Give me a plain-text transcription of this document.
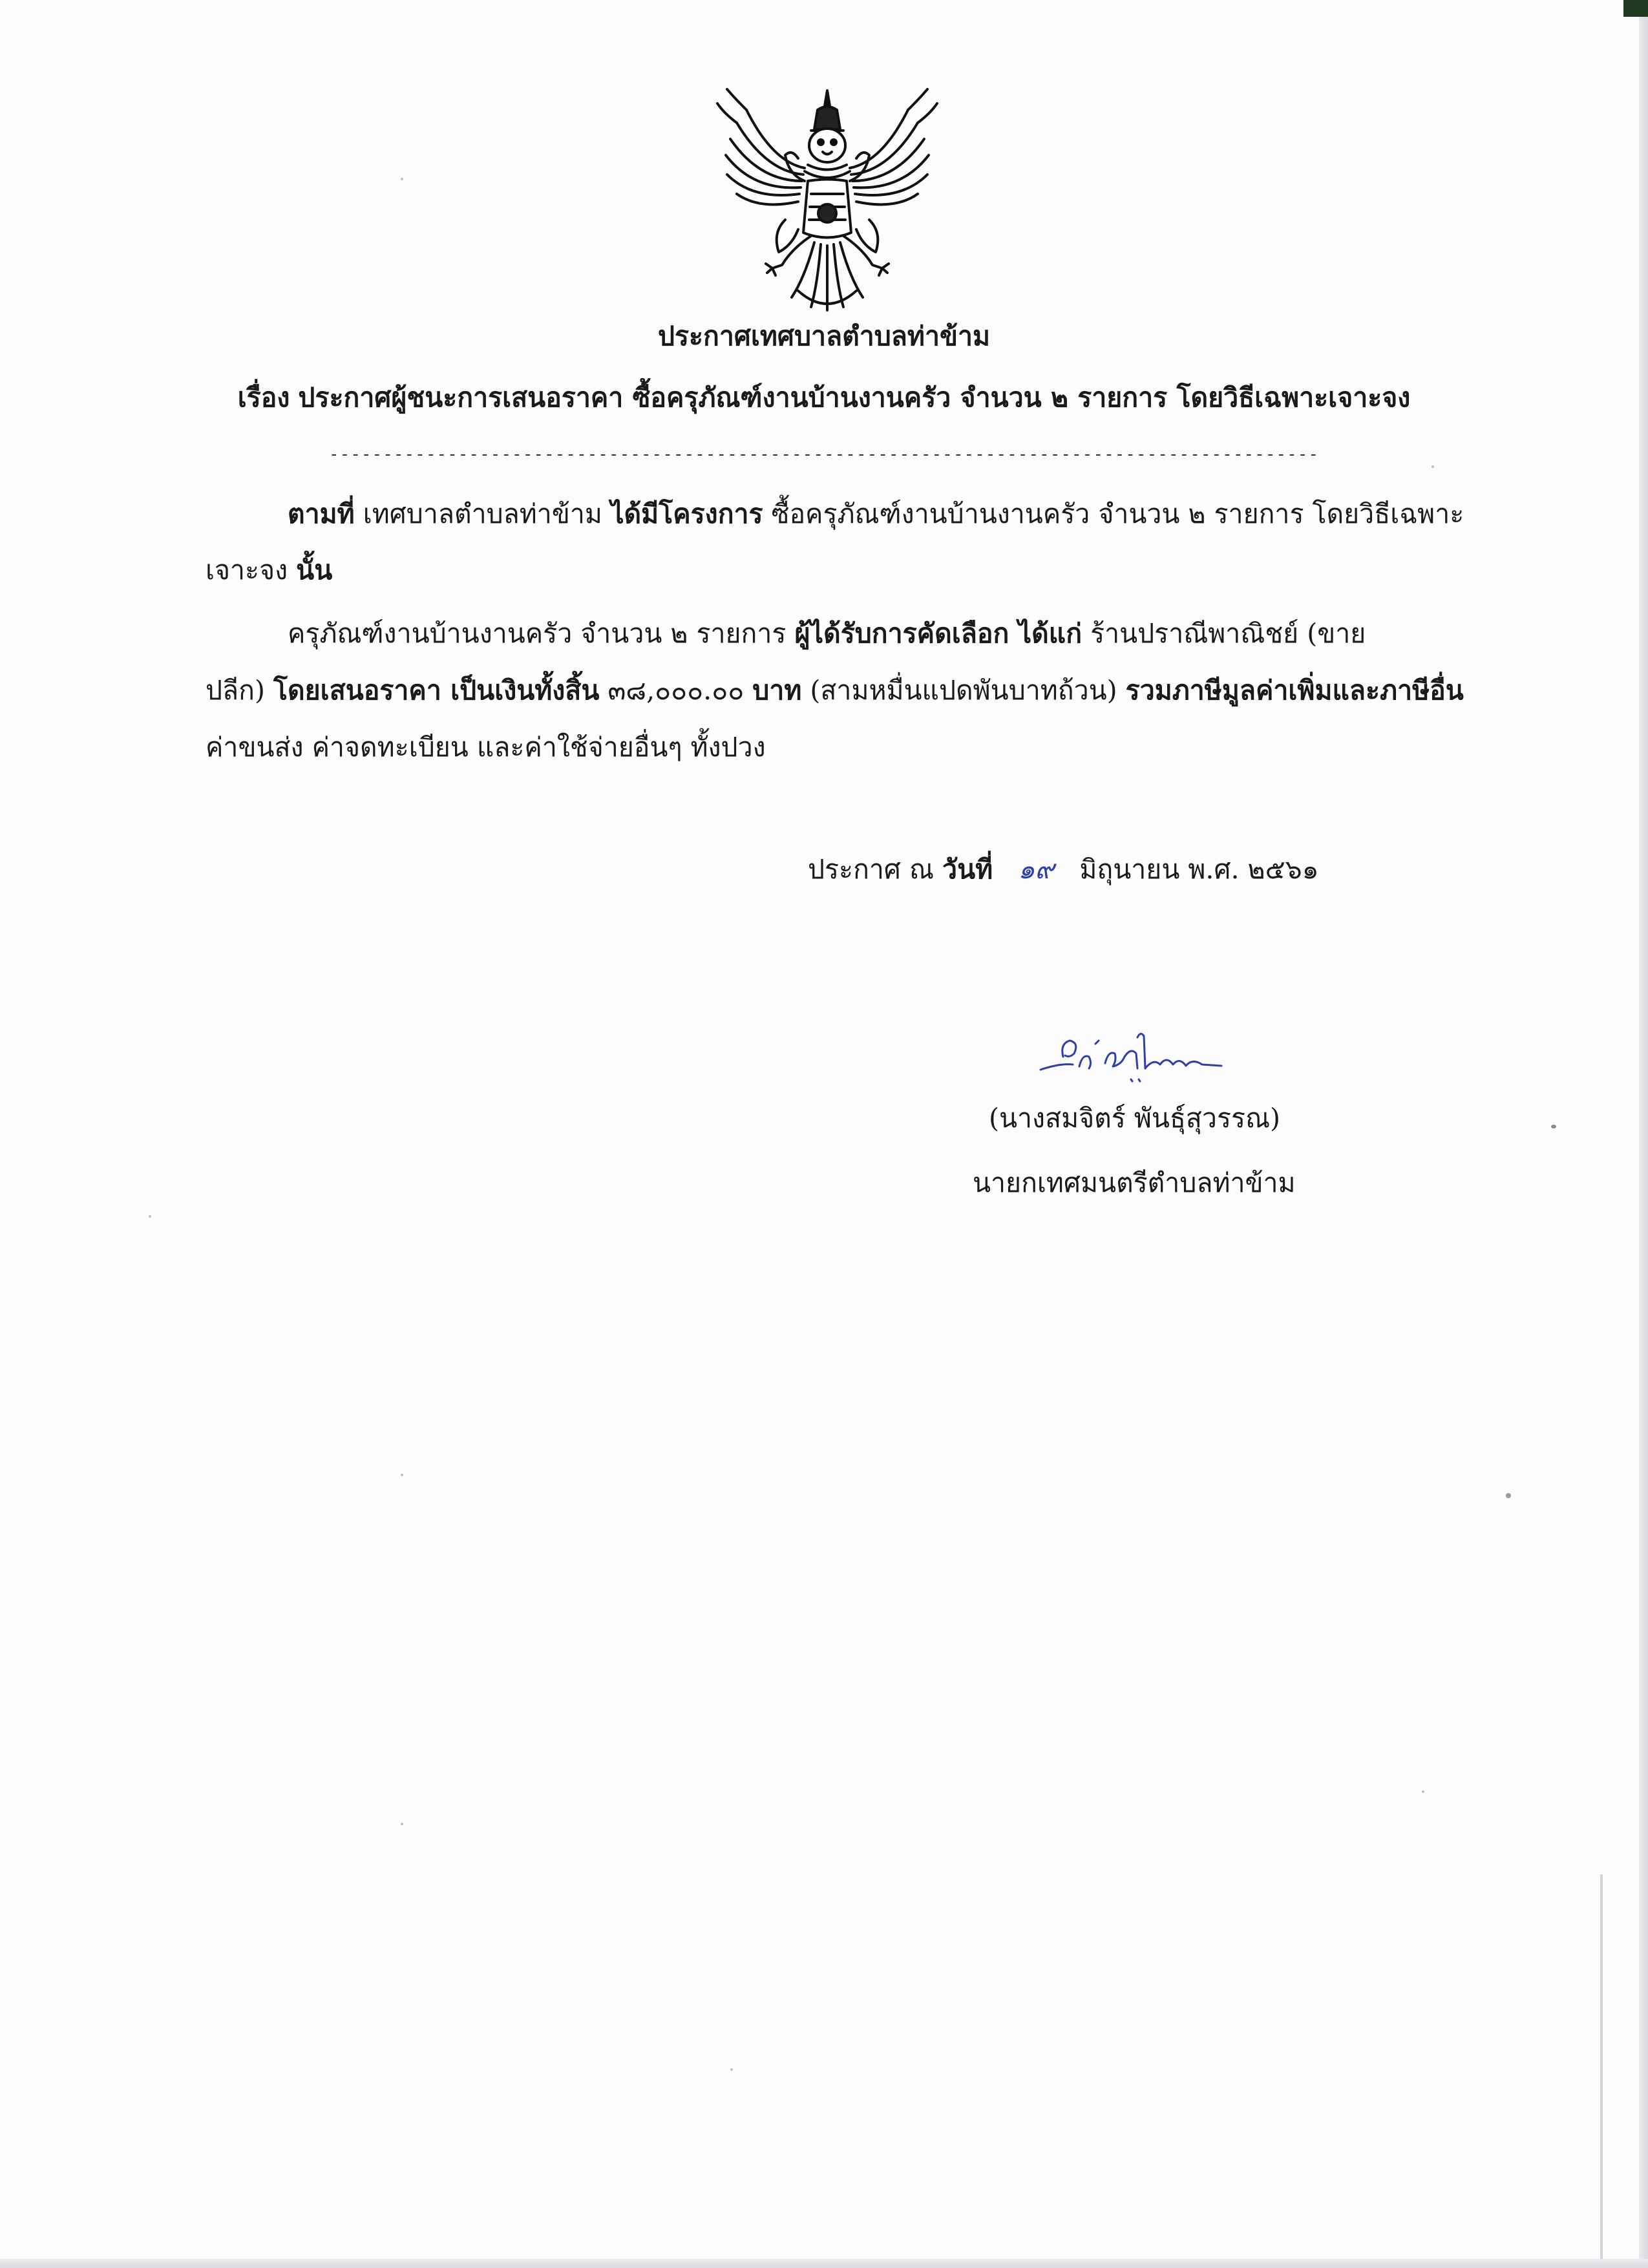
ประกาศเทศบาลตำบลท่าข้าม
เรื่อง ประกาศผู้ชนะการเสนอราคา ซื้อครุภัณฑ์งานบ้านงานครัว จำนวน ๒ รายการ โดยวิธีเฉพาะเจาะจง
--------------------------------------------------------------------------------------------
ตามที่ เทศบาลตำบลท่าข้าม ได้มีโครงการ ซื้อครุภัณฑ์งานบ้านงานครัว จำนวน ๒ รายการ โดยวิธีเฉพาะ
เจาะจง นั้น
ครุภัณฑ์งานบ้านงานครัว จำนวน ๒ รายการ ผู้ได้รับการคัดเลือก ได้แก่ ร้านปราณีพาณิชย์ (ขาย
ปลีก) โดยเสนอราคา เป็นเงินทั้งสิ้น ๓๘,๐๐๐.๐๐ บาท (สามหมื่นแปดพันบาทถ้วน) รวมภาษีมูลค่าเพิ่มและภาษีอื่น
ค่าขนส่ง ค่าจดทะเบียน และค่าใช้จ่ายอื่นๆ ทั้งปวง
ประกาศ ณ วันที่ ๑๙ มิถุนายน พ.ศ. ๒๕๖๑
(นางสมจิตร์ พันธุ์สุวรรณ)
นายกเทศมนตรีตำบลท่าข้าม
